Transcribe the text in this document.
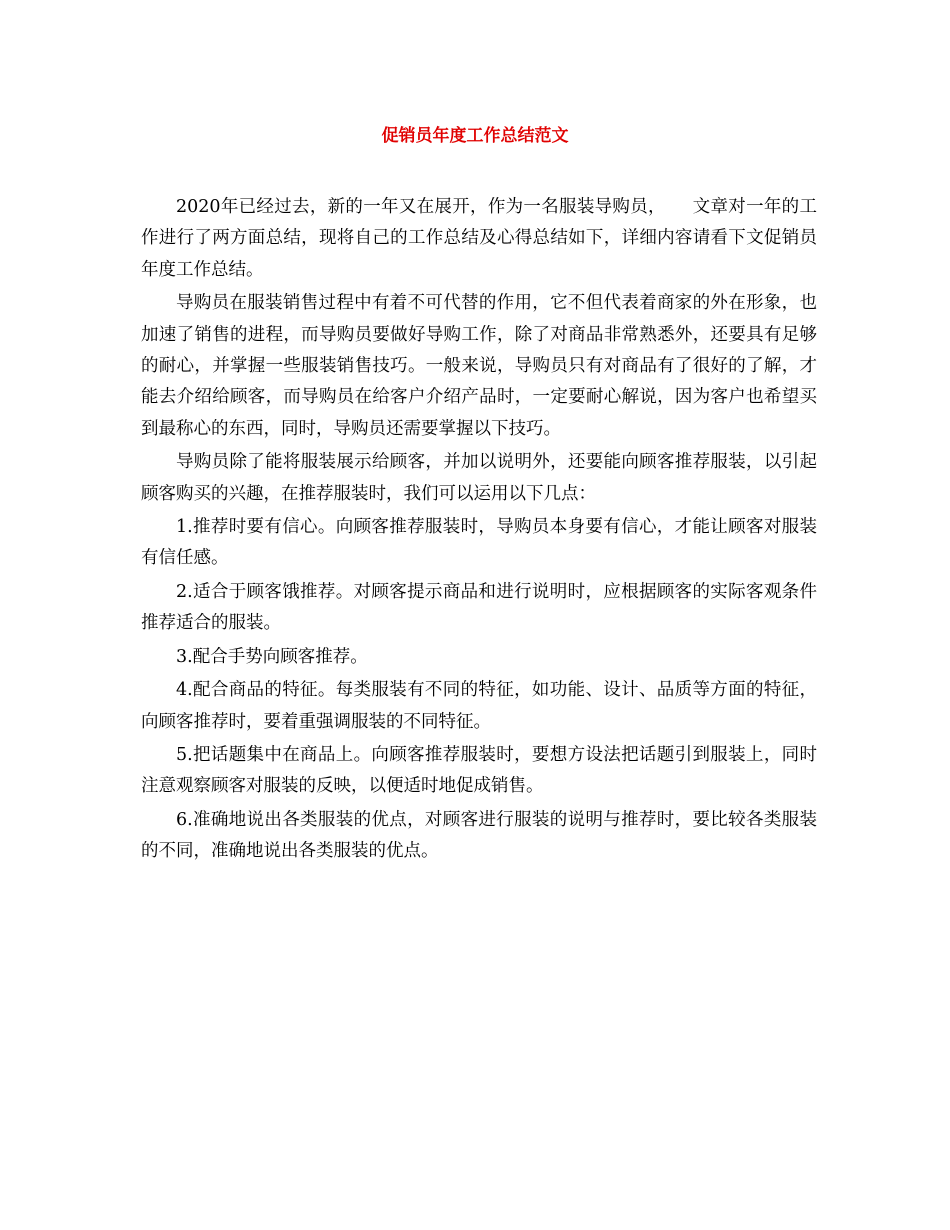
促销员年度工作总结范文

2020年已经过去，新的一年又在展开，作为一名服装导购员，　　文章对一年的工作进行了两方面总结，现将自己的工作总结及心得总结如下，详细内容请看下文促销员年度工作总结。

导购员在服装销售过程中有着不可代替的作用，它不但代表着商家的外在形象，也加速了销售的进程，而导购员要做好导购工作，除了对商品非常熟悉外，还要具有足够的耐心，并掌握一些服装销售技巧。一般来说，导购员只有对商品有了很好的了解，才能去介绍给顾客，而导购员在给客户介绍产品时，一定要耐心解说，因为客户也希望买到最称心的东西，同时，导购员还需要掌握以下技巧。

导购员除了能将服装展示给顾客，并加以说明外，还要能向顾客推荐服装，以引起顾客购买的兴趣，在推荐服装时，我们可以运用以下几点：

1.推荐时要有信心。向顾客推荐服装时，导购员本身要有信心，才能让顾客对服装有信任感。

2.适合于顾客饿推荐。对顾客提示商品和进行说明时，应根据顾客的实际客观条件推荐适合的服装。

3.配合手势向顾客推荐。

4.配合商品的特征。每类服装有不同的特征，如功能、设计、品质等方面的特征，向顾客推荐时，要着重强调服装的不同特征。

5.把话题集中在商品上。向顾客推荐服装时，要想方设法把话题引到服装上，同时注意观察顾客对服装的反映，以便适时地促成销售。

6.准确地说出各类服装的优点，对顾客进行服装的说明与推荐时，要比较各类服装的不同，准确地说出各类服装的优点。
